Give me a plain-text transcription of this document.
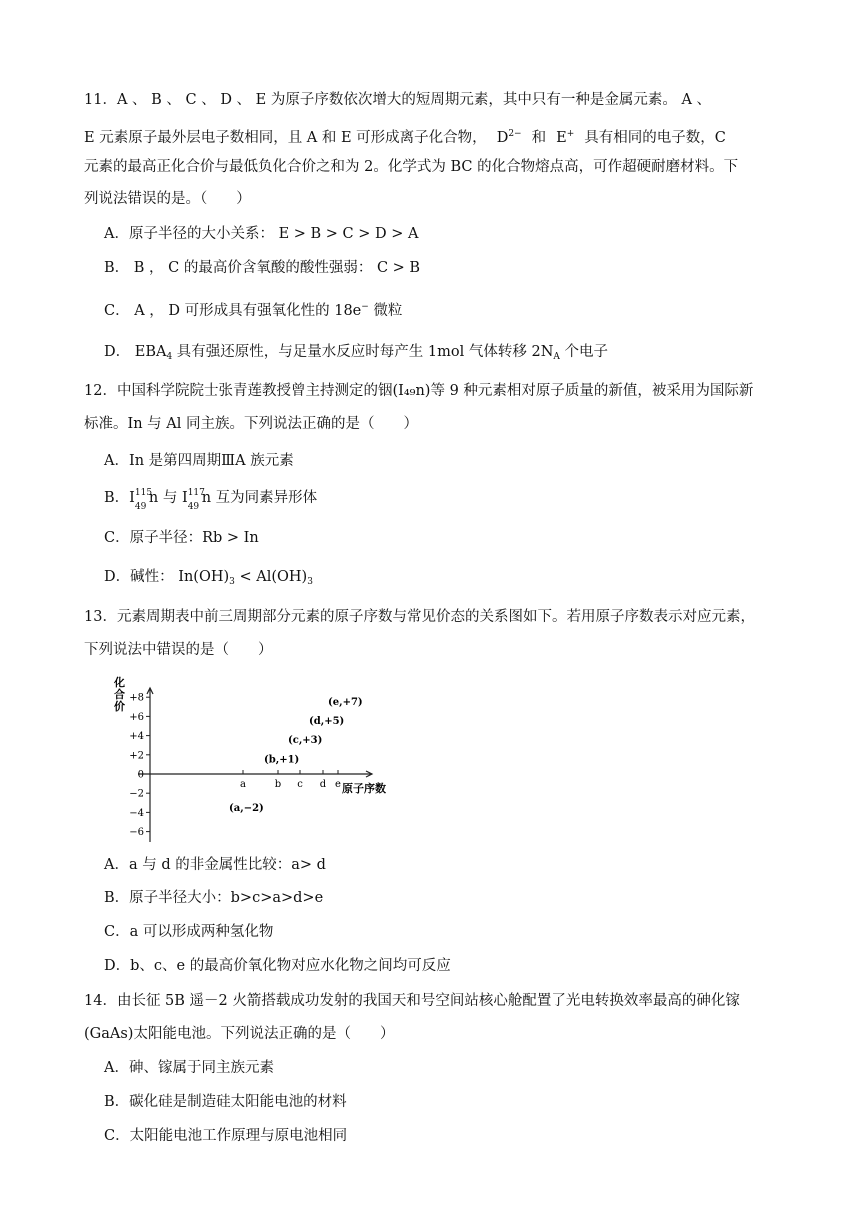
11．A 、 B 、 C 、 D 、 E 为原子序数依次增大的短周期元素，其中只有一种是金属元素。 A 、
E 元素原子最外层电子数相同，且 A 和 E 可形成离子化合物， $D^{2-}$ 和 E+ 具有相同的电子数，C
元素的最高正化合价与最低负化合价之和为 2。化学式为 BC 的化合物熔点高，可作超硬耐磨材料。下
列说法错误的是。（　　）
A．原子半径的大小关系： E > B > C > D > A
B． B ， C 的最高价含氧酸的酸性强弱： C > B
C． A ， D 可形成具有强氧化性的 18e− 微粒
D． $EBA_4$ 具有强还原性，与足量水反应时每产生 1mol 气体转移 $2N_A$ 个电子
12．中国科学院院士张青莲教授曾主持测定的铟(I₄₉n)等 9 种元素相对原子质量的新值，被采用为国际新
标准。In 与 Al 同主族。下列说法正确的是（　　）
A．In 是第四周期ⅢA 族元素
B．I 115
49
n 与 I 117
49
n 互为同素异形体
C．原子半径：Rb > In
D．碱性： $In(OH)_3 < Al(OH)_3$
13．元素周期表中前三周期部分元素的原子序数与常见价态的关系图如下。若用原子序数表示对应元素，
下列说法中错误的是（　　）
+8
+6
+4
+2
0
−2
−4
−6
a	b c d e
(a,−2)
(b,+1)
(c,+3)
(d,+5)
(e,+7)
化合价
原子序数
A．a 与 d 的非金属性比较：a> d
B．原子半径大小：b>c>a>d>e
C．a 可以形成两种氢化物
D．b、c、e 的最高价氧化物对应水化物之间均可反应
14．由长征 5B 遥－2 火箭搭载成功发射的我国天和号空间站核心舱配置了光电转换效率最高的砷化镓
(GaAs)太阳能电池。下列说法正确的是（　　）
A．砷、镓属于同主族元素
B．碳化硅是制造硅太阳能电池的材料
C．太阳能电池工作原理与原电池相同
